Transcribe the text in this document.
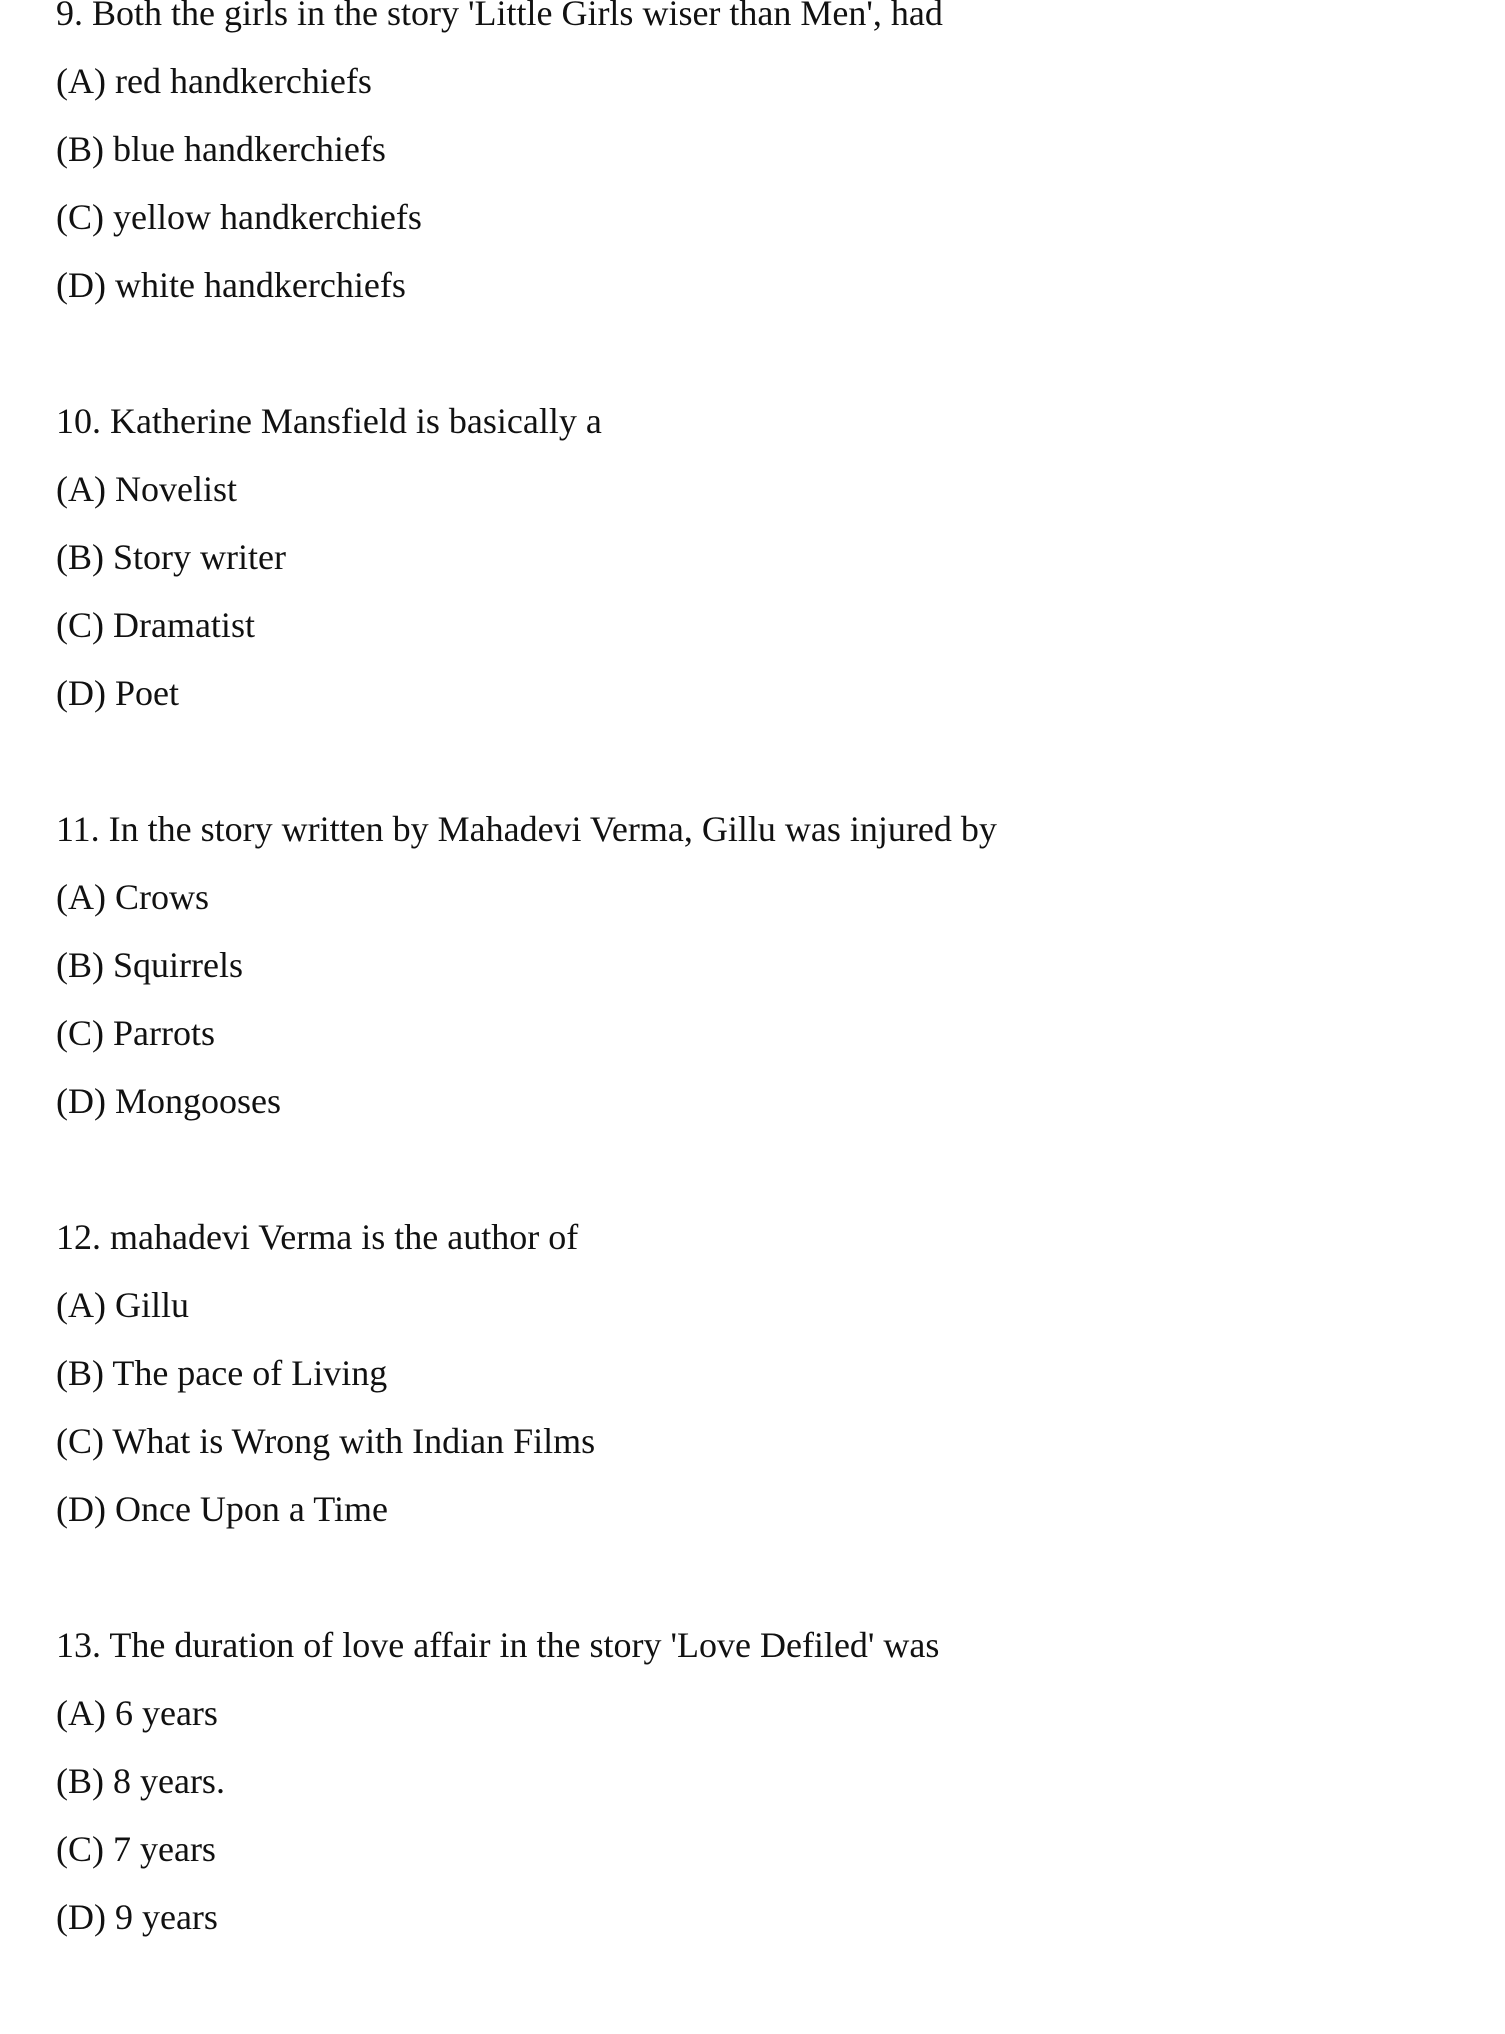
9. Both the girls in the story 'Little Girls wiser than Men', had
(A) red handkerchiefs
(B) blue handkerchiefs
(C) yellow handkerchiefs
(D) white handkerchiefs
10. Katherine Mansfield is basically a
(A) Novelist
(B) Story writer
(C) Dramatist
(D) Poet
11. In the story written by Mahadevi Verma, Gillu was injured by
(A) Crows
(B) Squirrels
(C) Parrots
(D) Mongooses
12. mahadevi Verma is the author of
(A) Gillu
(B) The pace of Living
(C) What is Wrong with Indian Films
(D) Once Upon a Time
13. The duration of love affair in the story 'Love Defiled' was
(A) 6 years
(B) 8 years.
(C) 7 years
(D) 9 years
